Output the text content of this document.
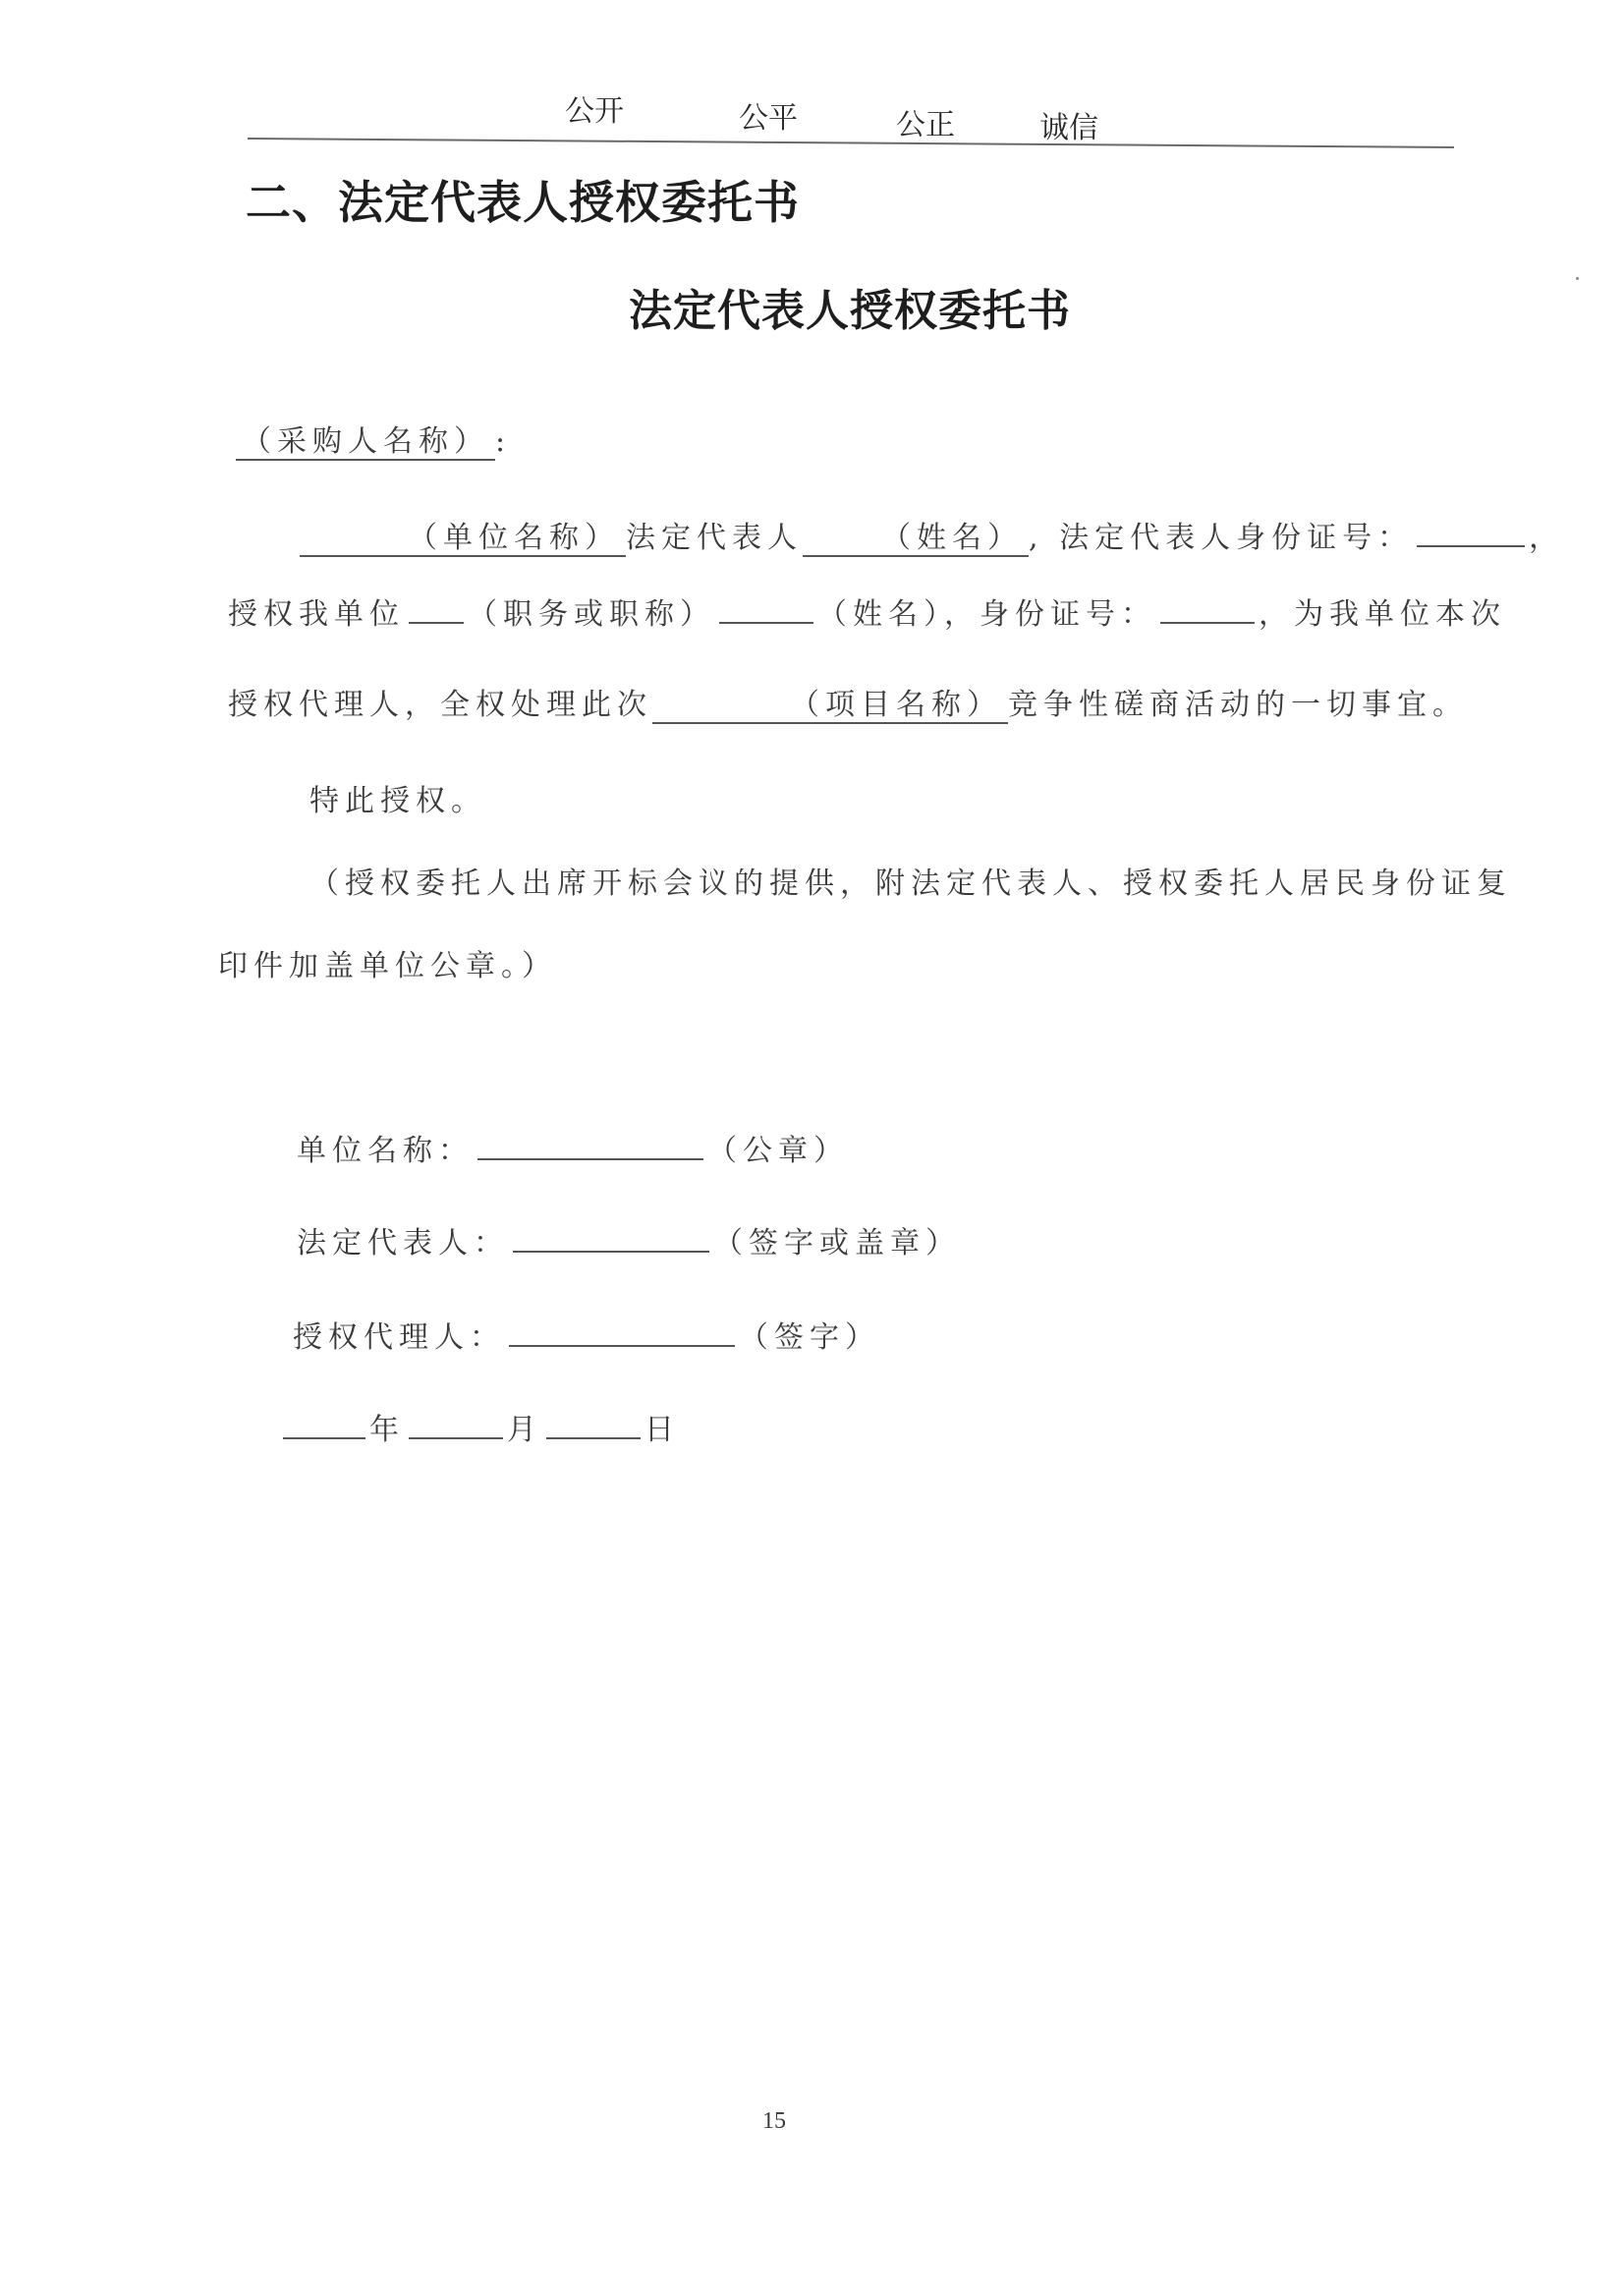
公开	公平	公正	诚信
二、法定代表人授权委托书
法定代表人授权委托书
（采购人名称） :
（单位名称） 法定代表人	（姓名） , 法定代表人身份证号：	，
授权我单位 （职务或职称）	（姓名），身份证号：	，为我单位本次
授权代理人，全权处理此次	（项目名称） 竞争性磋商活动的一切事宜。
特此授权。
（授权委托人出席开标会议的提供，附法定代表人、授权委托人居民身份证复
印件加盖单位公章。）
单位名称：	（公章）
法定代表人：	（签字或盖章）
授权代理人：	（签字）
年	月	日
15
